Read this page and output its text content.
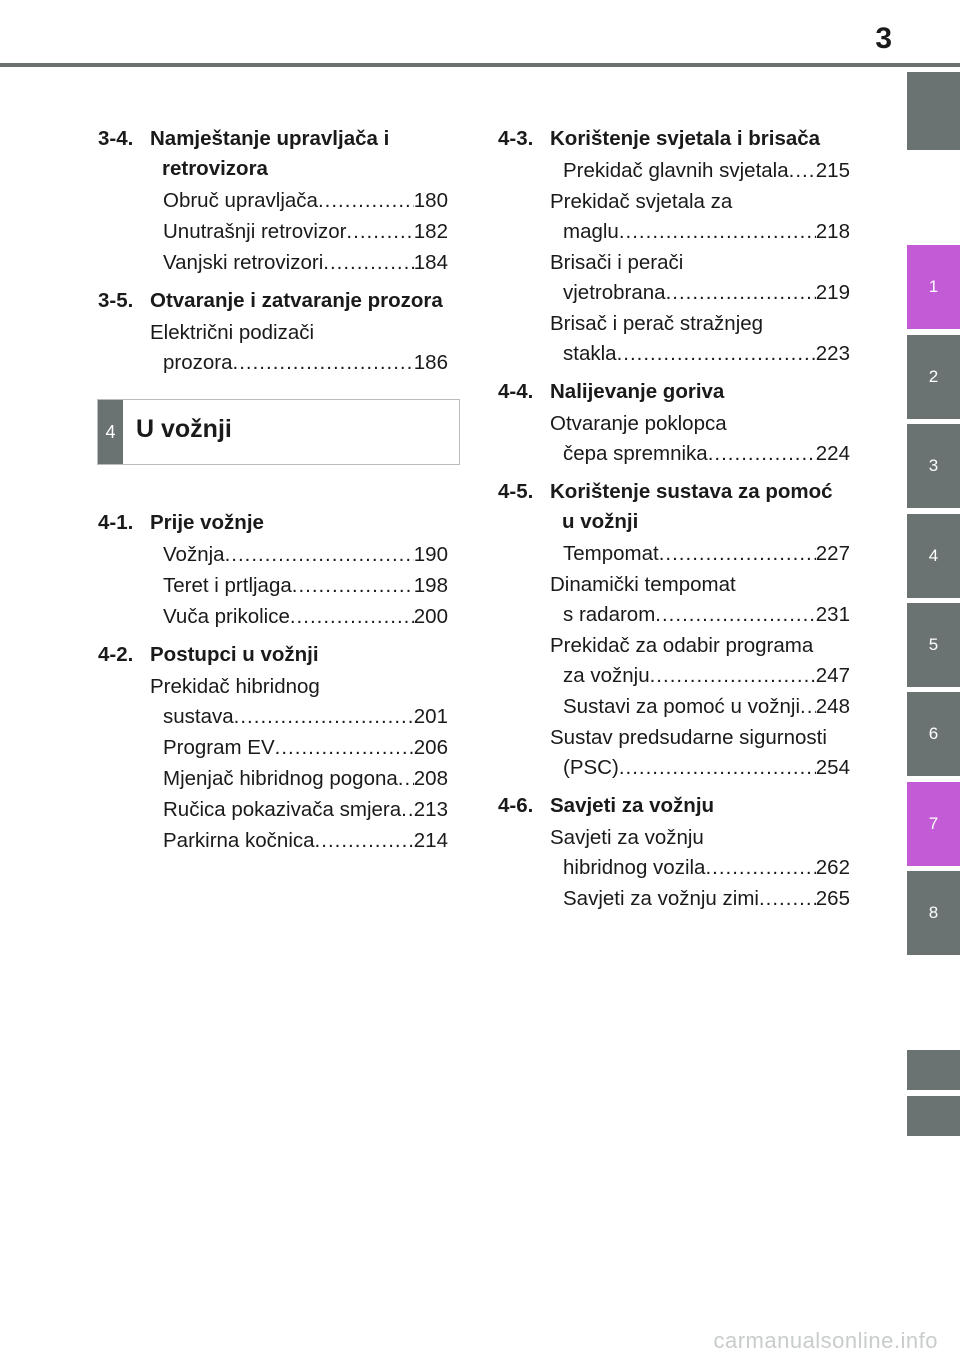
3
3-4. Namještanje upravljača i retrovizora
Obruč upravljača .....	180
Unutrašnji retrovizor .....	182
Vanjski retrovizori .....	184
3-5. Otvaranje i zatvaranje prozora
Električni podizači
prozora .....	186
4-1. Prije vožnje
Vožnja .....	190
Teret i prtljaga .....	198
Vuča prikolice .....	200
4-2. Postupci u vožnji
Prekidač hibridnog
sustava .....	201
Program EV .....	206
Mjenjač hibridnog pogona ..... 208
Ručica pokazivača smjera ..... 213
Parkirna kočnica .....	214
4 U vožnji
4-3. Korištenje svjetala i brisača
Prekidač glavnih svjetala ..... 215
Prekidač svjetala za
maglu .....	218
Brisači i perači
vjetrobrana .....	219
Brisač i perač stražnjeg
stakla .....	223
4-4. Nalijevanje goriva
Otvaranje poklopca
čepa spremnika .....	224
4-5. Korištenje sustava za pomoć u vožnji
Tempomat .....	227
Dinamički tempomat
s radarom .....	231
Prekidač za odabir programa
za vožnju .....	247
Sustavi za pomoć u vožnji ..... 248
Sustav predsudarne sigurnosti
(PSC) .....	254
4-6. Savjeti za vožnju
Savjeti za vožnju
hibridnog vozila .....	262
Savjeti za vožnju zimi .....	265
1
2
3
4
5
6
7
8
carmanualsonline.info
